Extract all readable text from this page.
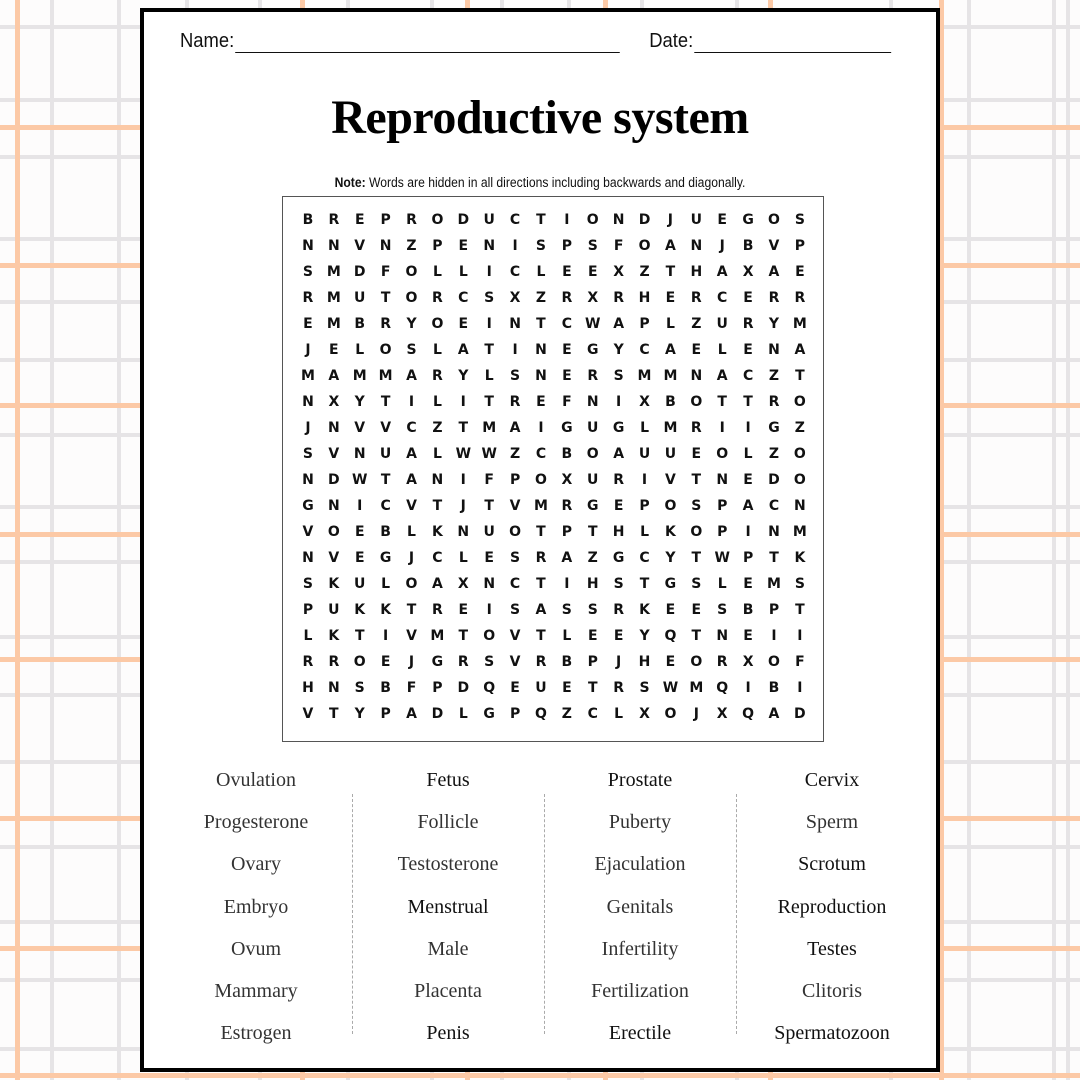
Name:	Date:
Reproductive system
Note: Words are hidden in all directions including backwards and diagonally.
B	R	E	P	R	O	D	U	C	T	I	O	N	D	J	U	E	G	O	S
N	N	V	N	Z	P	E	N	I	S	P	S	F	O	A	N	J	B	V	P
S M D	F	O	L	L	I	C	L	E	E	X	Z	T	H	A	X	A	E
R M U	T	O	R	C	S	X	Z	R	X	R	H	E	R	C	E	R	R
E	M B	R	Y	O	E	I	N	T	C W A	P	L	Z	U	R	Y M
J	E	L	O	S	L	A	T	I	N	E	G	Y	C	A	E	L	E	N	A
M A M M A	R	Y	L	S	N	E	R	S M M N	A	C	Z	T
N	X	Y	T	I	L	I	T	R	E	F	N	I	X	B	O	T	T	R	O
J	N	V	V	C	Z	T	M A	I	G	U	G	L	M R	I	I	G	Z
S	V	N	U	A	L W W Z	C	B	O	A	U	U	E	O	L	Z	O
N	D W T	A	N	I	F	P	O	X	U	R	I	V	T	N	E	D	O
G	N	I	C	V	T	J	T	V M R	G	E	P	O	S	P	A	C	N
V	O	E	B	L	K	N	U	O	T	P	T	H	L	K	O	P	I	N M
N	V	E	G	J	C	L	E	S	R	A	Z	G	C	Y	T W P	T	K
S	K	U	L	O	A	X	N	C	T	I	H	S	T	G	S	L	E	M S
P	U	K	K	T	R	E	I	S	A	S	S	R	K	E	E	S	B	P	T
L	K	T	I	V M	T	O	V	T	L	E	E	Y	Q	T	N	E	I	I
R	R	O	E	J	G	R	S	V	R	B	P	J	H	E	O	R	X	O	F
H	N	S	B	F	P	D	Q	E	U	E	T	R	S W M Q	I	B	I
V	T	Y	P	A	D	L	G	P	Q	Z	C	L	X	O	J	X	Q	A	D
Ovulation
Progesterone
Ovary
Embryo
Ovum
Mammary
Estrogen
Fetus
Follicle
Testosterone
Menstrual
Male
Placenta
Penis
Prostate
Puberty
Ejaculation
Genitals
Infertility
Fertilization
Erectile
Cervix
Sperm
Scrotum
Reproduction
Testes
Clitoris
Spermatozoon
